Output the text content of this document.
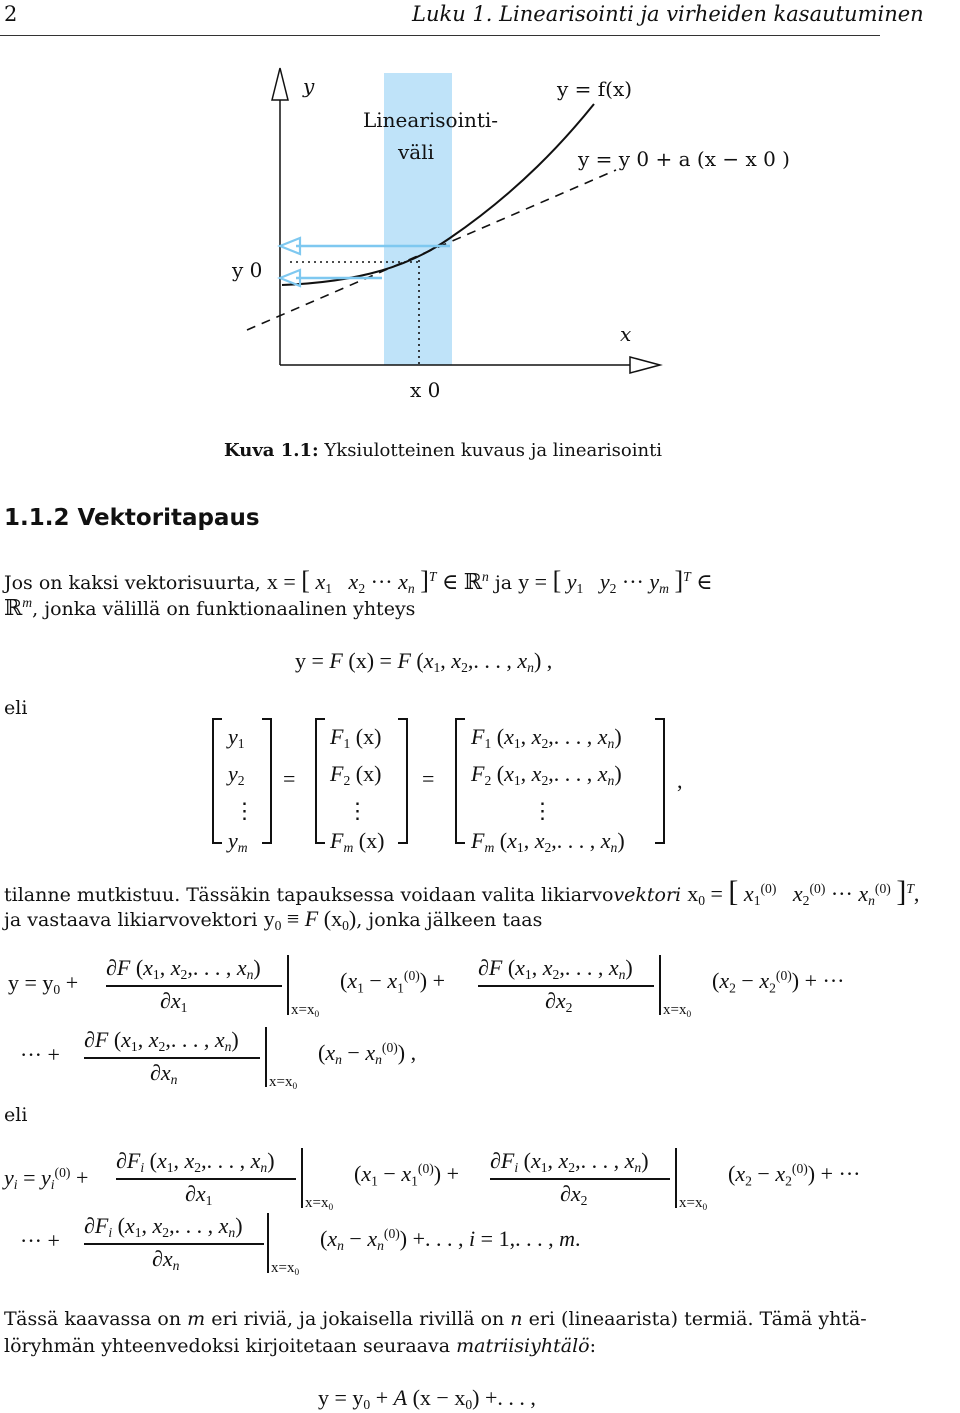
2	Luku 1. Linearisointi ja virheiden kasautuminen
y
Linearisointi-
väli
y = f(x)
y = y 0 + a (x − x 0 )
y 0
x
x 0
Kuva 1.1: Yksiulotteinen kuvaus ja linearisointi
1.1.2 Vektoritapaus
Jos on kaksi vektorisuurta, x = [ $x_1$ $x_2$ ··· $x_n$ ]$^T$ ∈ ℝ$^n$ ja y = [ $y_1$ $y_2$ ··· $y_m$ ]$^T$ ∈
ℝ$^m$, jonka välillä on funktionaalinen yhteys
y = F (x) = F ($x_1$, $x_2$,. . . , $x_n$) ,
eli
$y_1$
$y_2$
⋮
$y_m$
=
$F_1$ (x)
$F_2$ (x)
⋮
$F_m$ (x)
=
$F_1$ ($x_1$, $x_2$,. . . , $x_n$)
$F_2$ ($x_1$, $x_2$,. . . , $x_n$)
⋮
$F_m$ ($x_1$, $x_2$,. . . , $x_n$)
,
tilanne mutkistuu. Tässäkin tapauksessa voidaan valita likiarvovektori $x_0$ = [ $x_1^{(0)}$ $x_2^{(0)}$ ··· $x_n^{(0)}$ ]$^T$,
ja vastaava likiarvovektori $y_0 \equiv F$ $(x_0)$, jonka jälkeen taas
$y = y_0$ +
∂F ($x_1$, $x_2$,. . . , $x_n$)
$\partial x_1$	$x=x_0$
$(x_1 - x_1^{(0)})$ +
∂F ($x_1$, $x_2$,. . . , $x_n$)
$\partial x_2$	$x=x_0$
$(x_2 - x_2^{(0)})$ + ···
··· +
∂F ($x_1$, $x_2$,. . . , $x_n$)
$\partial x_n$	$x=x_0$
$(x_n - x_n^{(0)})$ ,
eli
$y_i = y_i^{(0)}$ +
$\partial F_i$ ($x_1$, $x_2$,. . . , $x_n$)
$\partial x_1$	$x=x_0$
$(x_1 - x_1^{(0)})$ +
$\partial F_i$ ($x_1$, $x_2$,. . . , $x_n$)
$\partial x_2$	$x=x_0$
$(x_2 - x_2^{(0)})$ + ···
··· +
$\partial F_i$ ($x_1$, $x_2$,. . . , $x_n$)
$\partial x_n$	$x=x_0$
$(x_n - x_n^{(0)})$ +. . . , i = 1,. . . , m.
Tässä kaavassa on m eri riviä, ja jokaisella rivillä on n eri (lineaarista) termiä. Tämä yhtä-
löryhmän yhteenvedoksi kirjoitetaan seuraava matriisiyhtälö:
$y = y_0 + A$ $(x - x_0)$ +. . . ,
